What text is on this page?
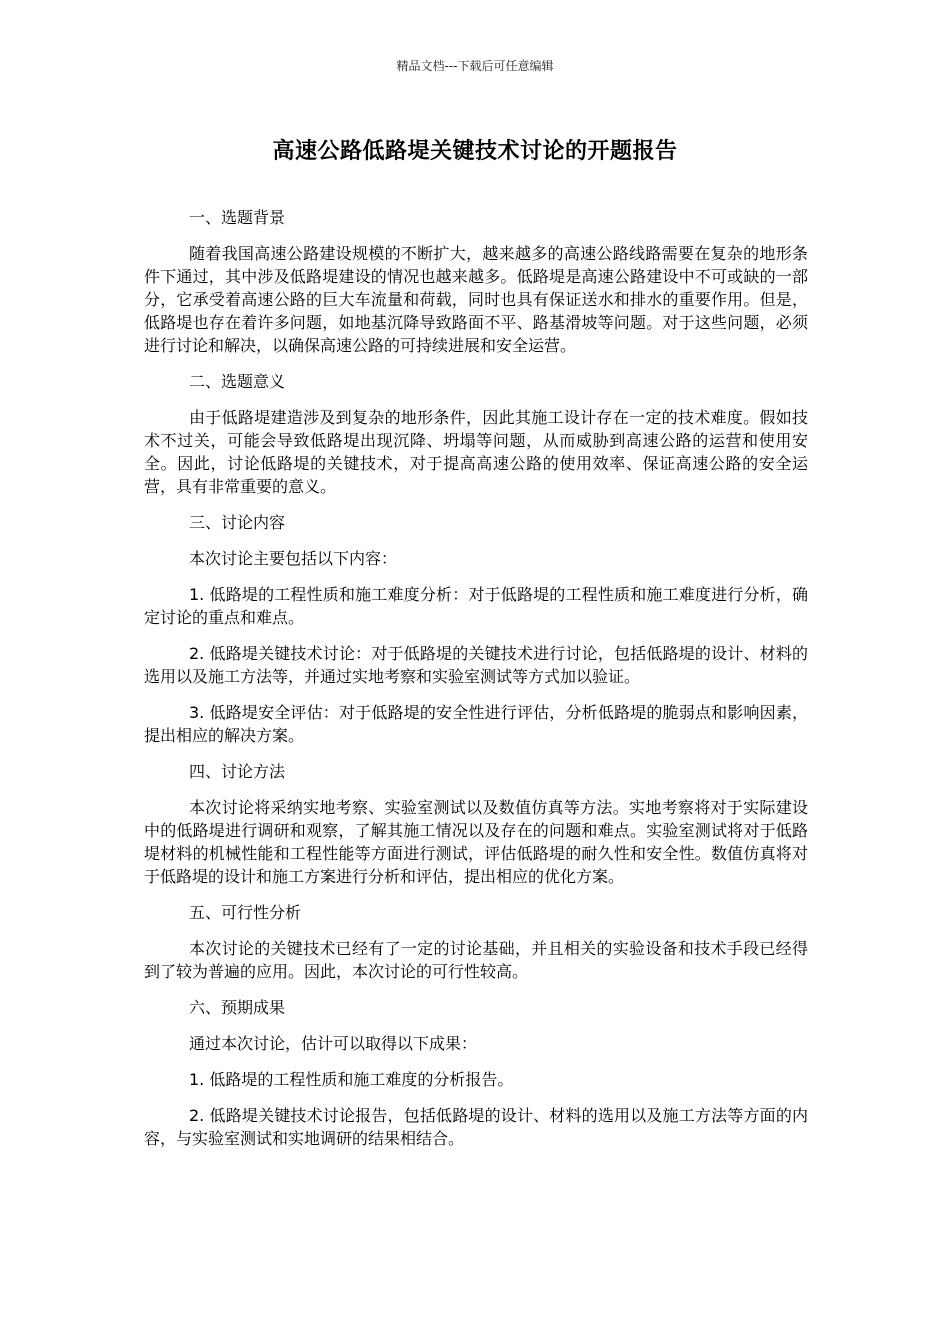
精品文档---下载后可任意编辑
高速公路低路堤关键技术讨论的开题报告
一、选题背景
随着我国高速公路建设规模的不断扩大，越来越多的高速公路线路需要在复杂的地形条件下通过，其中涉及低路堤建设的情况也越来越多。低路堤是高速公路建设中不可或缺的一部分，它承受着高速公路的巨大车流量和荷载，同时也具有保证送水和排水的重要作用。但是，低路堤也存在着许多问题，如地基沉降导致路面不平、路基滑坡等问题。对于这些问题，必须进行讨论和解决，以确保高速公路的可持续进展和安全运营。
二、选题意义
由于低路堤建造涉及到复杂的地形条件，因此其施工设计存在一定的技术难度。假如技术不过关，可能会导致低路堤出现沉降、坍塌等问题，从而威胁到高速公路的运营和使用安全。因此，讨论低路堤的关键技术，对于提高高速公路的使用效率、保证高速公路的安全运营，具有非常重要的意义。
三、讨论内容
本次讨论主要包括以下内容：
1. 低路堤的工程性质和施工难度分析：对于低路堤的工程性质和施工难度进行分析，确定讨论的重点和难点。
2. 低路堤关键技术讨论：对于低路堤的关键技术进行讨论，包括低路堤的设计、材料的选用以及施工方法等，并通过实地考察和实验室测试等方式加以验证。
3. 低路堤安全评估：对于低路堤的安全性进行评估，分析低路堤的脆弱点和影响因素，提出相应的解决方案。
四、讨论方法
本次讨论将采纳实地考察、实验室测试以及数值仿真等方法。实地考察将对于实际建设中的低路堤进行调研和观察，了解其施工情况以及存在的问题和难点。实验室测试将对于低路堤材料的机械性能和工程性能等方面进行测试，评估低路堤的耐久性和安全性。数值仿真将对于低路堤的设计和施工方案进行分析和评估，提出相应的优化方案。
五、可行性分析
本次讨论的关键技术已经有了一定的讨论基础，并且相关的实验设备和技术手段已经得到了较为普遍的应用。因此，本次讨论的可行性较高。
六、预期成果
通过本次讨论，估计可以取得以下成果：
1. 低路堤的工程性质和施工难度的分析报告。
2. 低路堤关键技术讨论报告，包括低路堤的设计、材料的选用以及施工方法等方面的内容，与实验室测试和实地调研的结果相结合。
